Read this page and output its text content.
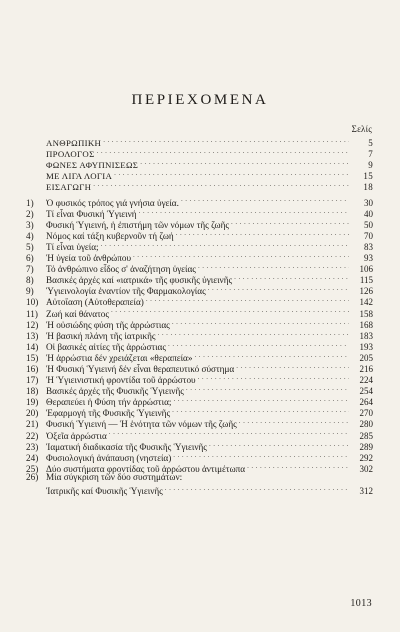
ΠΕΡΙΕΧΟΜΕΝΑ
Σελίς
ΑΝΘΡΩΠΙΚΗ . . .	5
ΠΡΟΛΟΓΟΣ . . .	7
ΦΩΝΕΣ ΑΦΥΠΝΙΣΕΩΣ . . .	9
ΜΕ ΛΙΓΑ ΛΟΓΙΑ . . .	15
ΕΙΣΑΓΩΓΗ . . .	18
1)	Ὁ φυσικός τρόπος γιά γνήσια ὑγεία. . . .	30
2)	Τί εἶναι Φυσική Ὑγιεινή . . .	40
3)	Φυσική Ὑγιεινή, ἡ ἐπιστήμη τῶν νόμων τῆς ζωῆς . . .	50
4)	Νόμος καί τάξη κυβερνοῦν τή ζωή . . .	70
5)	Τί εἶναι ὑγεία; . . .	83
6)	Ἡ ὑγεία τοῦ ἀνθρώπου . . .	93
7)	Τό ἀνθρώπινο εἶδος σ' ἀναζήτηση ὑγείας . . .	106
8)	Βασικές ἀρχές καί «ιατρικά» τῆς φυσικῆς ὑγιεινῆς . . .	115
9)	Ὑγιεινολογία ἐναντίον τῆς Φαρμακολογίας . . .	126
10) Αὐτοΐαση (Αὐτοθεραπεία) . . .	142
11) Ζωή καί θάνατος . . .	158
12) Ἡ οὐσιώδης φύση τῆς ἀρρώστιας . . .	168
13) Ἡ βασική πλάνη τῆς ἰατρικῆς . . .	183
14) Οἱ βασικές αἰτίες τῆς ἀρρώστιας . . .	193
15) Ἡ ἀρρώστια δέν χρειάζεται «θεραπεία» . . .	205
16) Ἡ Φυσική Ὑγιεινή δέν εἶναι θεραπευτικό σύστημα . . .	216
17) Ἡ Ὑγιεινιστική φροντίδα τοῦ ἀρρώστου . . .	224
18) Βασικές ἀρχές τῆς Φυσικῆς Ὑγιεινῆς . . .	254
19) Θεραπεύει ἡ Φύση τήν ἀρρώστια; . . .	264
20) Ἐφαρμογή τῆς Φυσικῆς Ὑγιεινῆς . . .	270
21) Φυσική Ὑγιεινή — Ἡ ἑνότητα τῶν νόμων τῆς ζωῆς . . .	280
22) Ὀξεῖα ἀρρώστια . . .	285
23) Ἰαματική διαδικασία τῆς Φυσικῆς Ὑγιεινῆς . . .	289
24) Φυσιολογική ἀνάπαυση (νηστεία) . . .	292
25) Δύο συστήματα φροντίδας τοῦ ἀρρώστου ἀντιμέτωπα . . .	302
26) Μία σύγκριση τῶν δύο συστημάτων:
Ἰατρικῆς καί Φυσικῆς Ὑγιεινῆς . . .	312
1013
